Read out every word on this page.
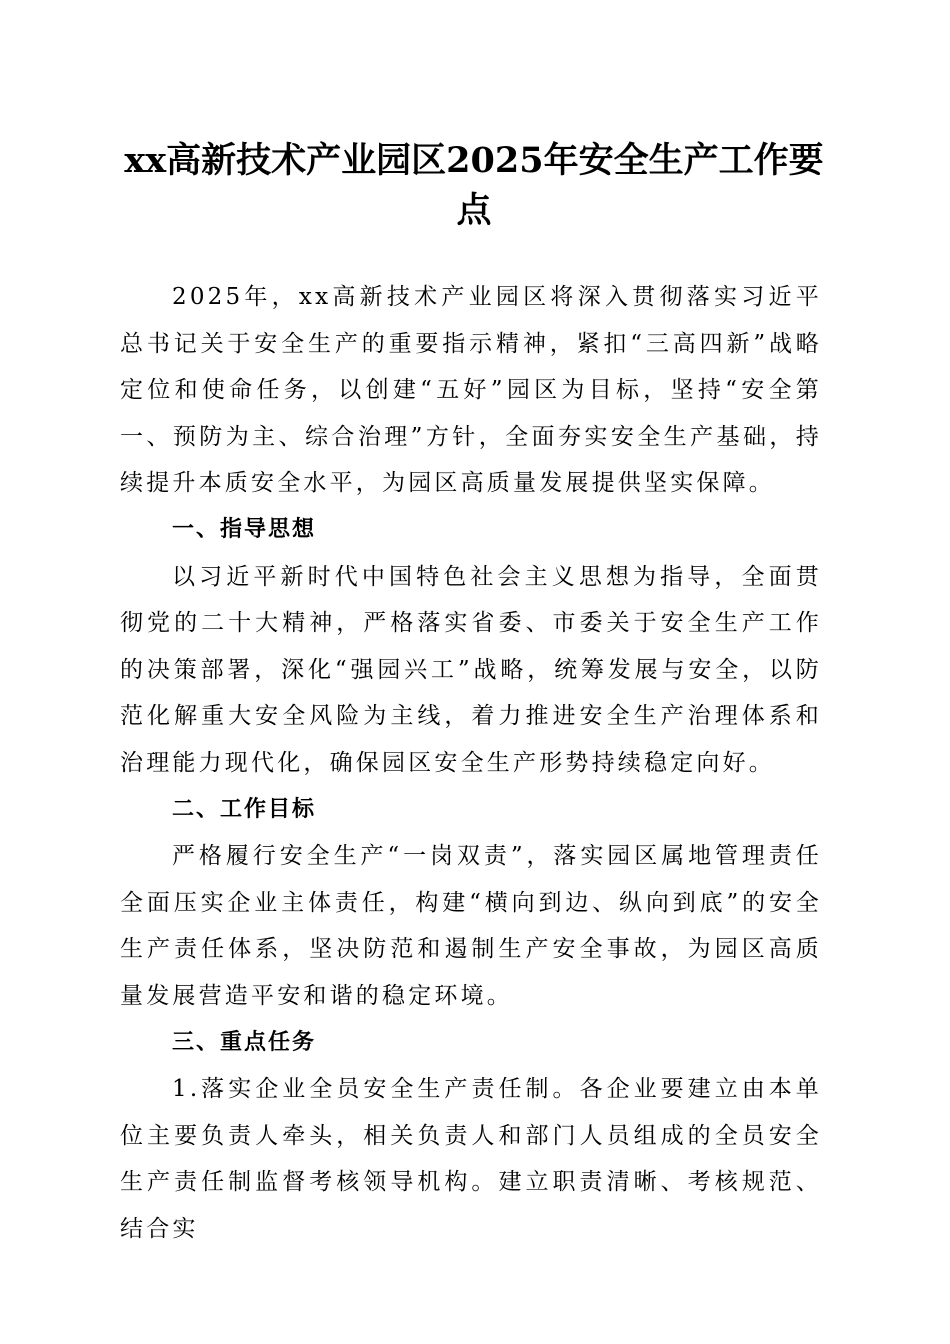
xx高新技术产业园区2025年安全生产工作要点

2025年，xx高新技术产业园区将深入贯彻落实习近平总书记关于安全生产的重要指示精神，紧扣“三高四新”战略定位和使命任务，以创建“五好”园区为目标，坚持“安全第一、预防为主、综合治理”方针，全面夯实安全生产基础，持续提升本质安全水平，为园区高质量发展提供坚实保障。

一、指导思想

以习近平新时代中国特色社会主义思想为指导，全面贯彻党的二十大精神，严格落实省委、市委关于安全生产工作的决策部署，深化“强园兴工”战略，统筹发展与安全，以防范化解重大安全风险为主线，着力推进安全生产治理体系和治理能力现代化，确保园区安全生产形势持续稳定向好。

二、工作目标

严格履行安全生产“一岗双责”，落实园区属地管理责任全面压实企业主体责任，构建“横向到边、纵向到底”的安全生产责任体系，坚决防范和遏制生产安全事故，为园区高质量发展营造平安和谐的稳定环境。

三、重点任务

1.落实企业全员安全生产责任制。各企业要建立由本单位主要负责人牵头，相关负责人和部门人员组成的全员安全生产责任制监督考核领导机构。建立职责清晰、考核规范、结合实
